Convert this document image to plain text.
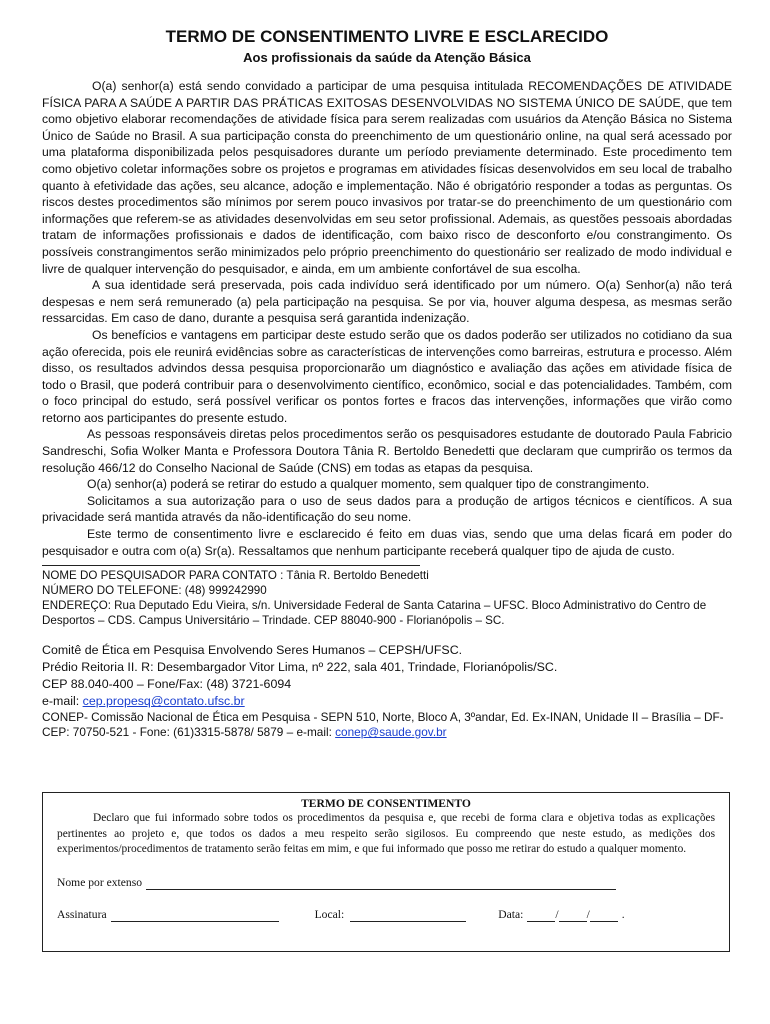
TERMO DE CONSENTIMENTO LIVRE E ESCLARECIDO
Aos profissionais da saúde da Atenção Básica

O(a) senhor(a) está sendo convidado a participar de uma pesquisa intitulada RECOMENDAÇÕES DE ATIVIDADE FÍSICA PARA A SAÚDE A PARTIR DAS PRÁTICAS EXITOSAS DESENVOLVIDAS NO SISTEMA ÚNICO DE SAÚDE, que tem como objetivo elaborar recomendações de atividade física para serem realizadas com usuários da Atenção Básica no Sistema Único de Saúde no Brasil. A sua participação consta do preenchimento de um questionário online, na qual será acessado por uma plataforma disponibilizada pelos pesquisadores durante um período previamente determinado. Este procedimento tem como objetivo coletar informações sobre os projetos e programas em atividades físicas desenvolvidos em seu local de trabalho quanto à efetividade das ações, seu alcance, adoção e implementação. Não é obrigatório responder a todas as perguntas. Os riscos destes procedimentos são mínimos por serem pouco invasivos por tratar-se do preenchimento de um questionário com informações que referem-se as atividades desenvolvidas em seu setor profissional. Ademais, as questões pessoais abordadas tratam de informações profissionais e dados de identificação, com baixo risco de desconforto e/ou constrangimento. Os possíveis constrangimentos serão minimizados pelo próprio preenchimento do questionário ser realizado de modo individual e livre de qualquer intervenção do pesquisador, e ainda, em um ambiente confortável de sua escolha.

A sua identidade será preservada, pois cada indivíduo será identificado por um número. O(a) Senhor(a) não terá despesas e nem será remunerado (a) pela participação na pesquisa. Se por via, houver alguma despesa, as mesmas serão ressarcidas. Em caso de dano, durante a pesquisa será garantida indenização.

Os benefícios e vantagens em participar deste estudo serão que os dados poderão ser utilizados no cotidiano da sua ação oferecida, pois ele reunirá evidências sobre as características de intervenções como barreiras, estrutura e processo. Além disso, os resultados advindos dessa pesquisa proporcionarão um diagnóstico e avaliação das ações em atividade física de todo o Brasil, que poderá contribuir para o desenvolvimento científico, econômico, social e das potencialidades. Também, com o foco principal do estudo, será possível verificar os pontos fortes e fracos das intervenções, informações que virão como retorno aos participantes do presente estudo.

As pessoas responsáveis diretas pelos procedimentos serão os pesquisadores estudante de doutorado Paula Fabricio Sandreschi, Sofia Wolker Manta e Professora Doutora Tânia R. Bertoldo Benedetti que declaram que cumprirão os termos da resolução 466/12 do Conselho Nacional de Saúde (CNS) em todas as etapas da pesquisa.

O(a) senhor(a) poderá se retirar do estudo a qualquer momento, sem qualquer tipo de constrangimento.

Solicitamos a sua autorização para o uso de seus dados para a produção de artigos técnicos e científicos. A sua privacidade será mantida através da não-identificação do seu nome.

Este termo de consentimento livre e esclarecido é feito em duas vias, sendo que uma delas ficará em poder do pesquisador e outra com o(a) Sr(a). Ressaltamos que nenhum participante receberá qualquer tipo de ajuda de custo.

NOME DO PESQUISADOR PARA CONTATO : Tânia R. Bertoldo Benedetti
NÚMERO DO TELEFONE: (48) 999242990
ENDEREÇO: Rua Deputado Edu Vieira, s/n. Universidade Federal de Santa Catarina – UFSC. Bloco Administrativo do Centro de Desportos – CDS. Campus Universitário – Trindade. CEP 88040-900 - Florianópolis – SC.
Comitê de Ética em Pesquisa Envolvendo Seres Humanos – CEPSH/UFSC.
Prédio Reitoria II. R: Desembargador Vitor Lima, nº 222, sala 401, Trindade, Florianópolis/SC.
CEP 88.040-400 – Fone/Fax: (48) 3721-6094
e-mail: cep.propesq@contato.ufsc.br
CONEP- Comissão Nacional de Ética em Pesquisa - SEPN 510, Norte, Bloco A, 3ºandar, Ed. Ex-INAN, Unidade II – Brasília – DF- CEP: 70750-521 - Fone: (61)3315-5878/ 5879 – e-mail: conep@saude.gov.br
TERMO DE CONSENTIMENTO
Declaro que fui informado sobre todos os procedimentos da pesquisa e, que recebi de forma clara e objetiva todas as explicações pertinentes ao projeto e, que todos os dados a meu respeito serão sigilosos. Eu compreendo que neste estudo, as medições dos experimentos/procedimentos de tratamento serão feitas em mim, e que fui informado que posso me retirar do estudo a qualquer momento.
Nome por extenso
Assinatura	Local:	Data:	/ /	.
